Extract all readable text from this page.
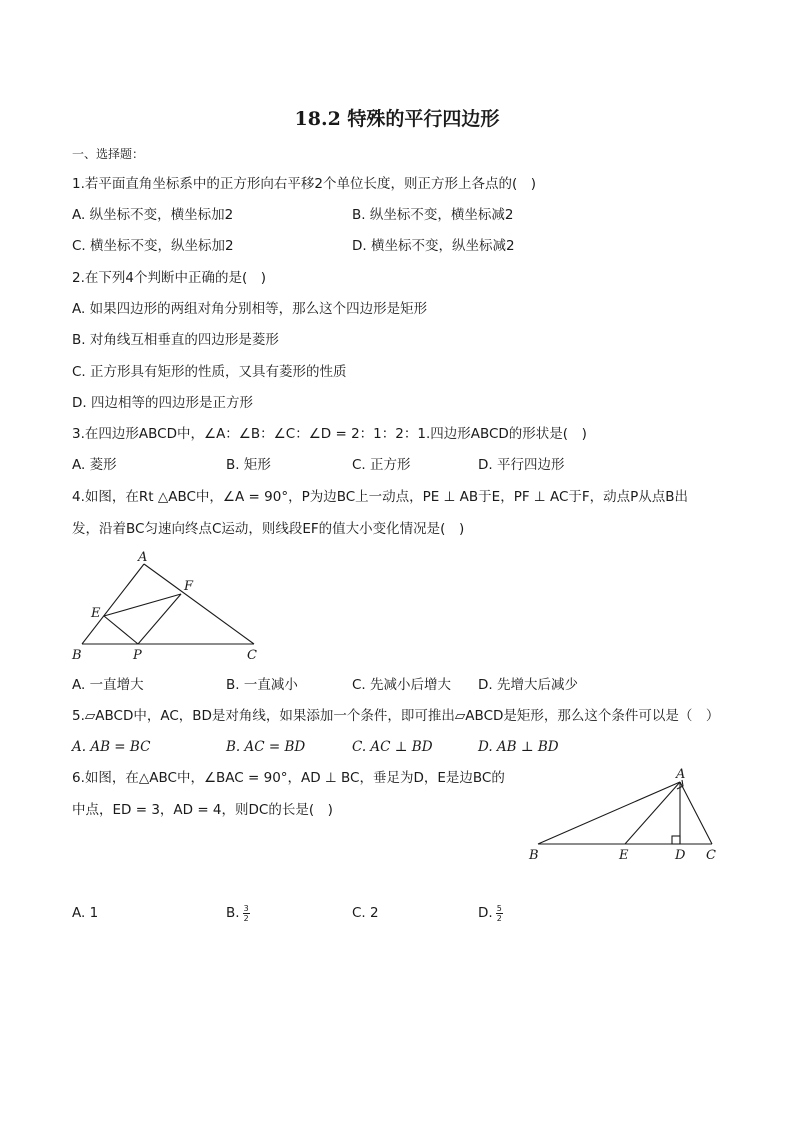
18.2 特殊的平行四边形
一、选择题：
1.若平面直角坐标系中的正方形向右平移2个单位长度，则正方形上各点的(　)
A. 纵坐标不变，横坐标加2	B. 纵坐标不变，横坐标减2
C. 横坐标不变，纵坐标加2	D. 横坐标不变，纵坐标减2
2.在下列4个判断中正确的是(　)
A. 如果四边形的两组对角分别相等，那么这个四边形是矩形
B. 对角线互相垂直的四边形是菱形
C. 正方形具有矩形的性质，又具有菱形的性质
D. 四边相等的四边形是正方形
3.在四边形ABCD中，∠A：∠B：∠C：∠D = 2：1：2：1.四边形ABCD的形状是(　)
A. 菱形	B. 矩形	C. 正方形	D. 平行四边形
4.如图，在Rt △ABC中，∠A = 90°，P为边BC上一动点，PE ⊥ AB于E，PF ⊥ AC于F，动点P从点B出
发，沿着BC匀速向终点C运动，则线段EF的值大小变化情况是(　)
A
F
E
B	P	C
A. 一直增大	B. 一直减小	C. 先减小后增大 D. 先增大后减少
5.▱ABCD中，AC，BD是对角线，如果添加一个条件，即可推出▱ABCD是矩形，那么这个条件可以是（　）
A. AB = BC	B. AC = BD	C. AC ⊥ BD	D. AB ⊥ BD
6.如图，在△ABC中，∠BAC = 90°，AD ⊥ BC，垂足为D，E是边BC的
中点，ED = 3，AD = 4，则DC的长是(　)
A
B	E	D C
A. 1	B. $\frac{3}{2}$	C. 2	D. $\frac{5}{2}$
